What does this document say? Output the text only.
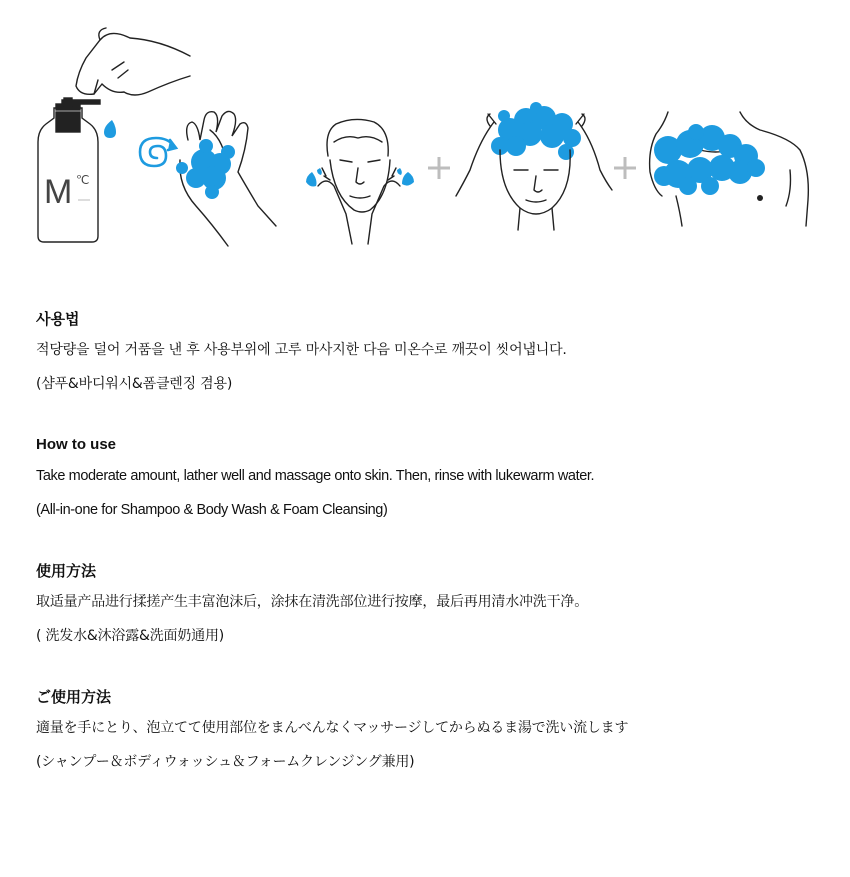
M ℃
사용법
적당량을 덜어 거품을 낸 후 사용부위에 고루 마사지한 다음 미온수로 깨끗이 씻어냅니다.
(샴푸&바디워시&폼클렌징 겸용)
How to use
Take moderate amount, lather well and massage onto skin. Then, rinse with lukewarm water.
(All-in-one for Shampoo & Body Wash & Foam Cleansing)
使用方法
取适量产品进行揉搓产生丰富泡沫后，涂抹在清洗部位进行按摩，最后再用清水冲洗干净。
( 洗发水&沐浴露&洗面奶通用)
ご使用方法
適量を手にとり、泡立てて使用部位をまんべんなくマッサージしてからぬるま湯で洗い流します
(シャンプー＆ボディウォッシュ＆フォームクレンジング兼用)
